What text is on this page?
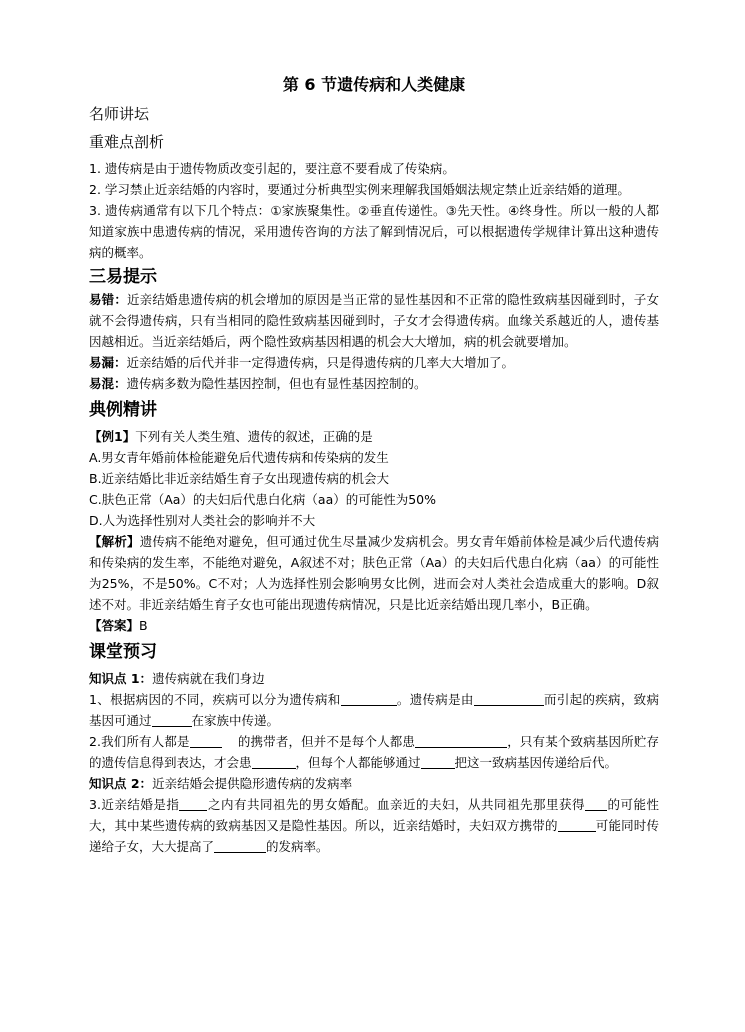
第 6 节遗传病和人类健康

名师讲坛

重难点剖析

1. 遗传病是由于遗传物质改变引起的，要注意不要看成了传染病。

2. 学习禁止近亲结婚的内容时，要通过分析典型实例来理解我国婚姻法规定禁止近亲结婚的道理。

3. 遗传病通常有以下几个特点：①家族聚集性。②垂直传递性。③先天性。④终身性。所以一般的人都知道家族中患遗传病的情况，采用遗传咨询的方法了解到情况后，可以根据遗传学规律计算出这种遗传病的概率。

三易提示

易错：近亲结婚患遗传病的机会增加的原因是当正常的显性基因和不正常的隐性致病基因碰到时，子女就不会得遗传病，只有当相同的隐性致病基因碰到时，子女才会得遗传病。血缘关系越近的人，遗传基因越相近。当近亲结婚后，两个隐性致病基因相遇的机会大大增加，病的机会就要增加。

易漏：近亲结婚的后代并非一定得遗传病，只是得遗传病的几率大大增加了。

易混：遗传病多数为隐性基因控制，但也有显性基因控制的。

典例精讲

【例1】下列有关人类生殖、遗传的叙述，正确的是

A.男女青年婚前体检能避免后代遗传病和传染病的发生

B.近亲结婚比非近亲结婚生育子女出现遗传病的机会大

C.肤色正常（Aa）的夫妇后代患白化病（aa）的可能性为50%

D.人为选择性别对人类社会的影响并不大

【解析】遗传病不能绝对避免，但可通过优生尽量减少发病机会。男女青年婚前体检是减少后代遗传病和传染病的发生率，不能绝对避免，A叙述不对；肤色正常（Aa）的夫妇后代患白化病（aa）的可能性为25%，不是50%。C不对；人为选择性别会影响男女比例，进而会对人类社会造成重大的影响。D叙述不对。非近亲结婚生育子女也可能出现遗传病情况，只是比近亲结婚出现几率小，B正确。

【答案】B

课堂预习

知识点 1：遗传病就在我们身边

1、根据病因的不同，疾病可以分为遗传病和	。遗传病是由	而引起的疾病，致病基因可通过	在家族中传递。

2.我们所有人都是	的携带者，但并不是每个人都患	，只有某个致病基因所贮存的遗传信息得到表达，才会患	，但每个人都能够通过	把这一致病基因传递给后代。

知识点 2：近亲结婚会提供隐形遗传病的发病率

3.近亲结婚是指 之内有共同祖先的男女婚配。血亲近的夫妇，从共同祖先那里获得 的可能性大，其中某些遗传病的致病基因又是隐性基因。所以，近亲结婚时，夫妇双方携带的	可能同时传递给子女，大大提高了	的发病率。
